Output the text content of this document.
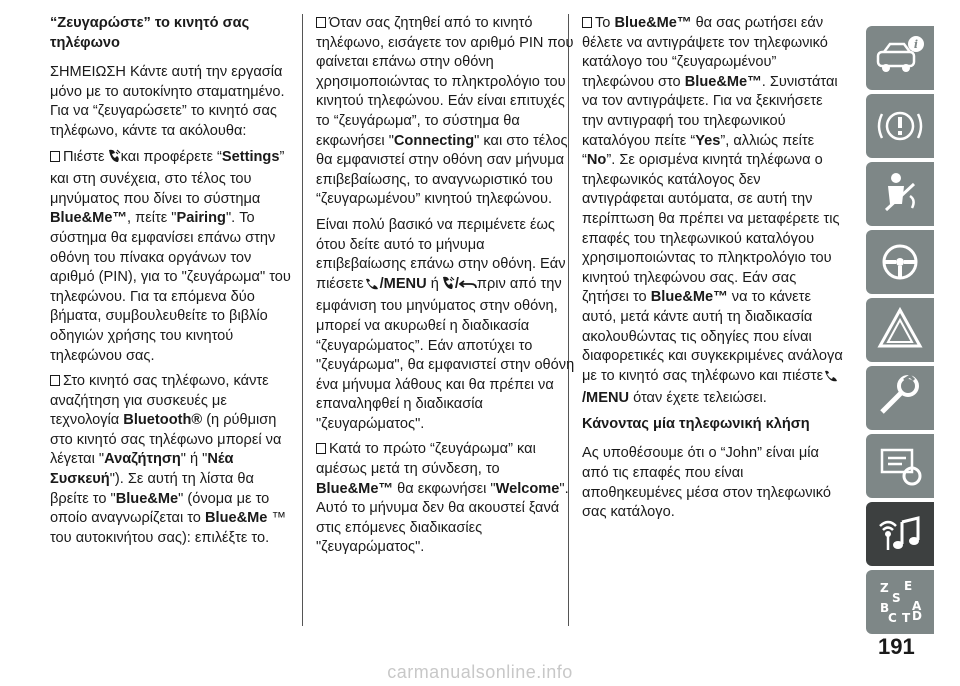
“Ζευγαρώστε” το κινητό σας
τηλέφωνο

ΣΗΜΕΙΩΣΗ Κάντε αυτή την εργασία μόνο με το αυτοκίνητο σταματημένο. Για να “ζευγαρώσετε” το κινητό σας τηλέφωνο, κάντε τα ακόλουθα:

Πιέστε και προφέρετε “Settings” και στη συνέχεια, στο τέλος του μηνύματος που δίνει το σύστημα Blue&Me™, πείτε "Pairing". Το σύστημα θα εμφανίσει επάνω στην οθόνη του πίνακα οργάνων τον αριθμό (PIN), για το "ζευγάρωμα" του τηλεφώνου. Για τα επόμενα δύο βήματα, συμβουλευθείτε το βιβλίο οδηγιών χρήσης του κινητού τηλεφώνου σας.

Στο κινητό σας τηλέφωνο, κάντε αναζήτηση για συσκευές με τεχνολογία Bluetooth® (η ρύθμιση στο κινητό σας τηλέφωνο μπορεί να λέγεται "Αναζήτηση" ή "Νέα Συσκευή"). Σε αυτή τη λίστα θα βρείτε το "Blue&Me" (όνομα με το οποίο αναγνωρίζεται το Blue&Me ™ του αυτοκινήτου σας): επιλέξτε το.

Όταν σας ζητηθεί από το κινητό τηλέφωνο, εισάγετε τον αριθμό PIN που φαίνεται επάνω στην οθόνη χρησιμοποιώντας το πληκτρολόγιο του κινητού τηλεφώνου. Εάν είναι επιτυχές το “ζευγάρωμα”, το σύστημα θα εκφωνήσει "Connecting" και στο τέλος θα εμφανιστεί στην οθόνη σαν μήνυμα επιβεβαίωσης, το αναγνωριστικό του “ζευγαρωμένου” κινητού τηλεφώνου.

Είναι πολύ βασικό να περιμένετε έως ότου δείτε αυτό το μήνυμα επιβεβαίωσης επάνω στην οθόνη. Εάν πιέσετε /MENU ή / πριν από την εμφάνιση του μηνύματος στην οθόνη, μπορεί να ακυρωθεί η διαδικασία “ζευγαρώματος”. Εάν αποτύχει το "ζευγάρωμα", θα εμφανιστεί στην οθόνη ένα μήνυμα λάθους και θα πρέπει να επαναληφθεί η διαδικασία "ζευγαρώματος".

Κατά το πρώτο “ζευγάρωμα” και αμέσως μετά τη σύνδεση, το Blue&Me™ θα εκφωνήσει "Welcome". Αυτό το μήνυμα δεν θα ακουστεί ξανά στις επόμενες διαδικασίες "ζευγαρώματος".

Το Blue&Me™ θα σας ρωτήσει εάν θέλετε να αντιγράψετε τον τηλεφωνικό κατάλογο του “ζευγαρωμένου” τηλεφώνου στο Blue&Me™. Συνιστάται να τον αντιγράψετε. Για να ξεκινήσετε την αντιγραφή του τηλεφωνικού καταλόγου πείτε “Yes”, αλλιώς πείτε “No”. Σε ορισμένα κινητά τηλέφωνα ο τηλεφωνικός κατάλογος δεν αντιγράφεται αυτόματα, σε αυτή την περίπτωση θα πρέπει να μεταφέρετε τις επαφές του τηλεφωνικού καταλόγου χρησιμοποιώντας το πληκτρολόγιο του κινητού τηλεφώνου σας. Εάν σας ζητήσει το Blue&Me™ να το κάνετε αυτό, μετά κάντε αυτή τη διαδικασία ακολουθώντας τις οδηγίες που είναι διαφορετικές και συγκεκριμένες ανάλογα με το κινητό σας τηλέφωνο και πιέστε/MENU όταν έχετε τελειώσει.

Κάνοντας μία τηλεφωνική κλήση

Ας υποθέσουμε ότι ο “John” είναι μία από τις επαφές που είναι αποθηκευμένες μέσα στον τηλεφωνικό σας κατάλογο.

i
Z E
S
B A
C T D
191
carmanualsonline.info
